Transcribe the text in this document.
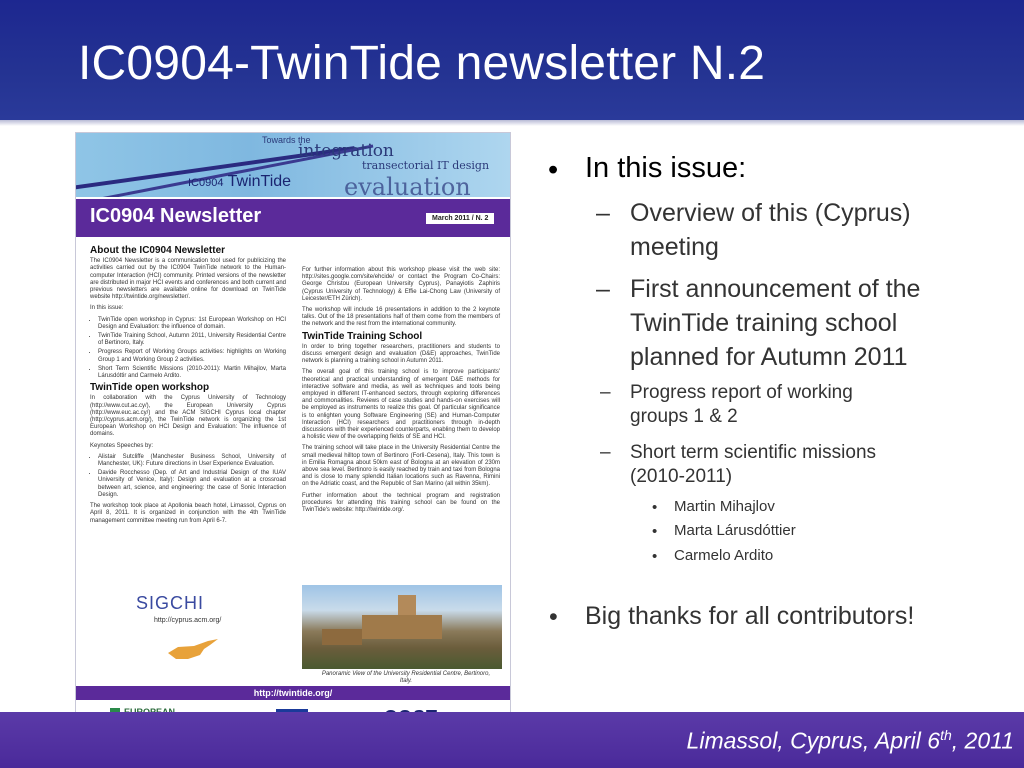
IC0904-TwinTide newsletter N.2
Towards the
integration
transectorial IT design
evaluation
IC0904 TwinTide
IC0904 Newsletter	March 2011 / N. 2
About the IC0904 Newsletter

The IC0904 Newsletter is a communication tool used for publicizing the activities carried out by the IC0904 TwinTide network to the Human-computer Interaction (HCI) community. Printed versions of the newsletter are distributed in major HCI events and conferences and both current and previous newsletters are available online for download on TwinTide website http://twintide.org/newsletter/.

In this issue:

• TwinTide open workshop in Cyprus: 1st European Workshop on HCI Design and Evaluation: the influence of domain.
• TwinTide Training School, Autumn 2011, University Residential Centre of Bertinoro, Italy.
• Progress Report of Working Groups activities: highlights on Working Group 1 and Working Group 2 activities.
• Short Term Scientific Missions (2010-2011): Martin Mihajlov, Marta Lárusdóttir and Carmelo Ardito.
TwinTide open workshop

In collaboration with the Cyprus University of Technology (http://www.cut.ac.cy/), the European University Cyprus (http://www.euc.ac.cy/) and the ACM SIGCHI Cyprus local chapter (http://cyprus.acm.org/), the TwinTide network is organizing the 1st European Workshop on HCI Design and Evaluation: The influence of domains.

Keynotes Speeches by:

• Alistair Sutcliffe (Manchester Business School, University of Manchester, UK): Future directions in User Experience Evaluation.
• Davide Rocchesso (Dep. of Art and Industrial Design of the IUAV University of Venice, Italy): Design and evaluation at a crossroad between art, science, and engineering: the case of Sonic Interaction Design.

The workshop took place at Apollonia beach hotel, Limassol, Cyprus on April 8, 2011. It is organized in conjunction with the 4th TwinTide management committee meeting run from April 6-7.

For further information about this workshop please visit the web site: http://sites.google.com/site/ehcide/ or contact the Program Co-Chairs: George Christou (European University Cyprus), Panayiotis Zaphiris (Cyprus University of Technology) & Effie Lai-Chong Law (University of Leicester/ETH Zürich).

The workshop will include 16 presentations in addition to the 2 keynote talks. Out of the 18 presentations half of them come from the members of the network and the rest from the international community.

TwinTide Training School

In order to bring together researchers, practitioners and students to discuss emergent design and evaluation (D&E) approaches, TwinTide network is planning a training school in Autumn 2011.

The overall goal of this training school is to improve participants' theoretical and practical understanding of emergent D&E methods for interactive software and media, as well as techniques and tools being employed in different IT-enhanced sectors, through exploring differences and commonalities. Reviews of case studies and hands-on exercises will be employed as instruments to realize this goal. Of particular significance is to enlighten young Software Engineering (SE) and Human-Computer Interaction (HCI) researchers and practitioners through in-depth discussions with their experienced counterparts, enabling them to develop a holistic view of the overlapping fields of SE and HCI.

The training school will take place in the University Residential Centre the small medieval hilltop town of Bertinoro (Forlì-Cesena), Italy. This town is in Emilia Romagna about 50km east of Bologna at an elevation of 230m above sea level. Bertinoro is easily reached by train and taxi from Bologna and is close to many splendid Italian locations such as Ravenna, Rimini on the Adriatic coast, and the Republic of San Marino (all within 35km).

Further information about the technical program and registration procedures for attending this training school can be found on the TwinTide's website: http://twintide.org/.

SIGCHI
http://cyprus.acm.org/
Panoramic View of the University Residential Centre, Bertinoro, Italy.
http://twintide.org/
• In this issue:
– Overview of this (Cyprus)
meeting
– First announcement of the
TwinTide training school
planned for Autumn 2011
– Progress report of working
groups 1 & 2
– Short term scientific missions
(2010-2011)
• Martin Mihajlov
• Marta Lárusdóttier
• Carmelo Ardito
• Big thanks for all contributors!
Limassol, Cyprus, April 6th, 2011
